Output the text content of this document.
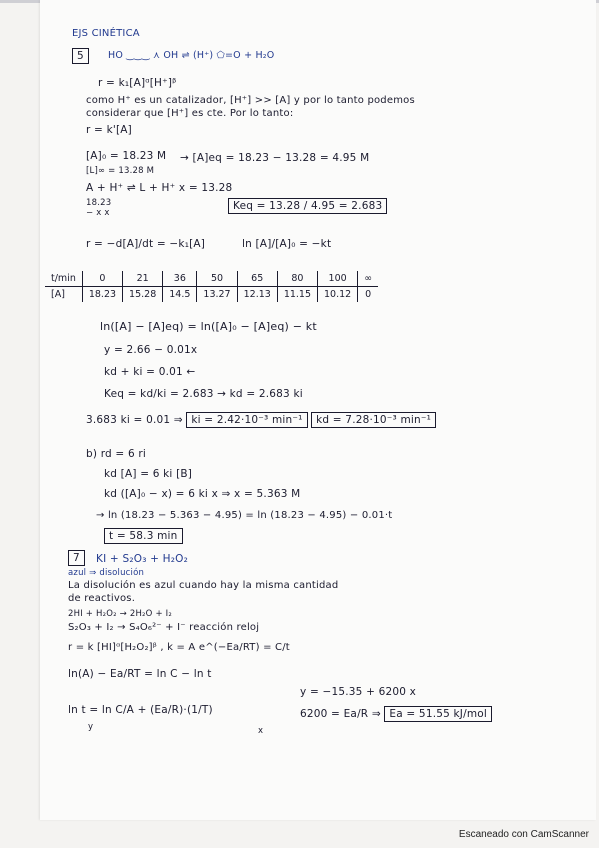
EJS CINÉTICA
5	HO ‿‿‿ ⋏ OH ⇌ (H⁺) ⬠=O + H₂O
r = k₁[A]ᵅ[H⁺]ᵝ
como H⁺ es un catalizador, [H⁺] >> [A] y por lo tanto podemos
considerar que [H⁺] es cte. Por lo tanto:
r = k'[A]
[A]₀ = 18.23 M → [A]eq = 18.23 − 13.28 = 4.95 M
[L]∞ = 13.28 M
A + H⁺ ⇌ L + H⁺ x = 13.28
18.23
− x x
Keq = 13.28 / 4.95 = 2.683
r = −d[A]/dt = −k₁[A]	ln [A]/[A]₀ = −kt
t/min	0	21	36	50	65	80	100	∞
[A]	18.23	15.28	14.5	13.27	12.13	11.15	10.12	0
ln([A] − [A]eq) = ln([A]₀ − [A]eq) − kt
y = 2.66 − 0.01x
kd + ki = 0.01 ←
Keq = kd/ki = 2.683 → kd = 2.683 ki
3.683 ki = 0.01 ⇒ ki = 2.42·10⁻³ min⁻¹ kd = 7.28·10⁻³ min⁻¹
b) rd = 6 ri
kd [A] = 6 ki [B]
kd ([A]₀ − x) = 6 ki x ⇒ x = 5.363 M
→ ln (18.23 − 5.363 − 4.95) = ln (18.23 − 4.95) − 0.01·t
t = 58.3 min
7	KI + S₂O₃ + H₂O₂
azul ⇒ disolución
La disolución es azul cuando hay la misma cantidad
de reactivos.
2HI + H₂O₂ → 2H₂O + I₂
S₂O₃ + I₂ → S₄O₆²⁻ + I⁻ reacción reloj
r = k [HI]ᵅ[H₂O₂]ᵝ , k = A e^(−Ea/RT) = C/t
ln(A) − Ea/RT = ln C − ln t
y = −15.35 + 6200 x
ln t = ln C/A + (Ea/R)·(1/T)
y	x
6200 = Ea/R ⇒ Ea = 51.55 kJ/mol
Escaneado con CamScanner
